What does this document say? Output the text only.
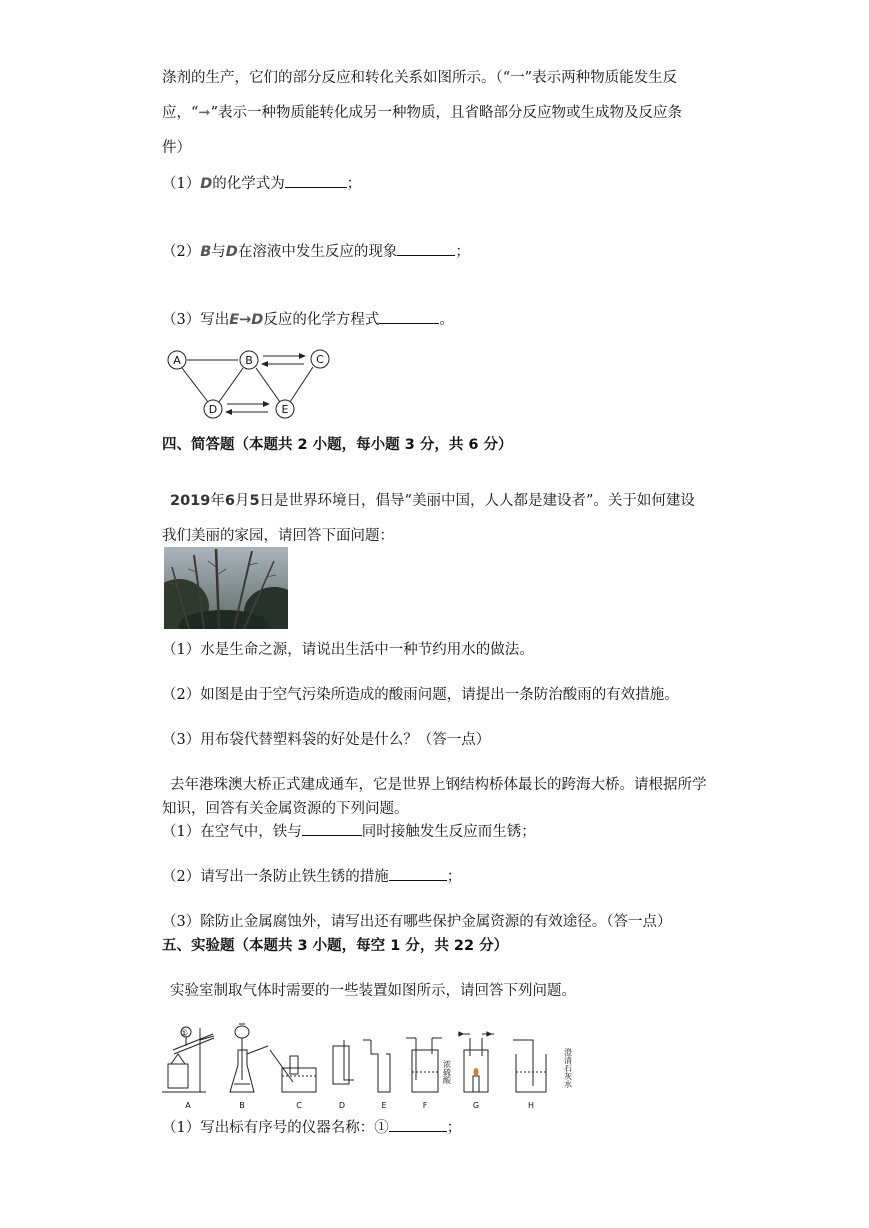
涤剂的生产，它们的部分反应和转化关系如图所示。（“一”表示两种物质能发生反
应，“➞”表示一种物质能转化成另一种物质，且省略部分反应物或生成物及反应条
件）
（1）D的化学式为	；
（2）B与D在溶液中发生反应的现象	；
（3）写出E→D反应的化学方程式	。
A	B	C
D	E
四、简答题（本题共 2 小题，每小题 3 分，共 6 分）
2019年6月5日是世界环境日，倡导“美丽中国，人人都是建设者”。关于如何建设
我们美丽的家园，请回答下面问题：
（1）水是生命之源，请说出生活中一种节约用水的做法。
（2）如图是由于空气污染所造成的酸雨问题，请提出一条防治酸雨的有效措施。
（3）用布袋代替塑料袋的好处是什么？（答一点）
去年港珠澳大桥正式建成通车，它是世界上钢结构桥体最长的跨海大桥。请根据所学
知识，回答有关金属资源的下列问题。
（1）在空气中，铁与	同时接触发生反应而生锈；
（2）请写出一条防止铁生锈的措施	；
（3）除防止金属腐蚀外，请写出还有哪些保护金属资源的有效途径。（答一点）
五、实验题（本题共 3 小题，每空 1 分，共 22 分）
实验室制取气体时需要的一些装置如图所示，请回答下列问题。
①
浓硫酸	澄清石灰水
A	B	C	D	E	F	G	H
（1）写出标有序号的仪器名称：①	；
